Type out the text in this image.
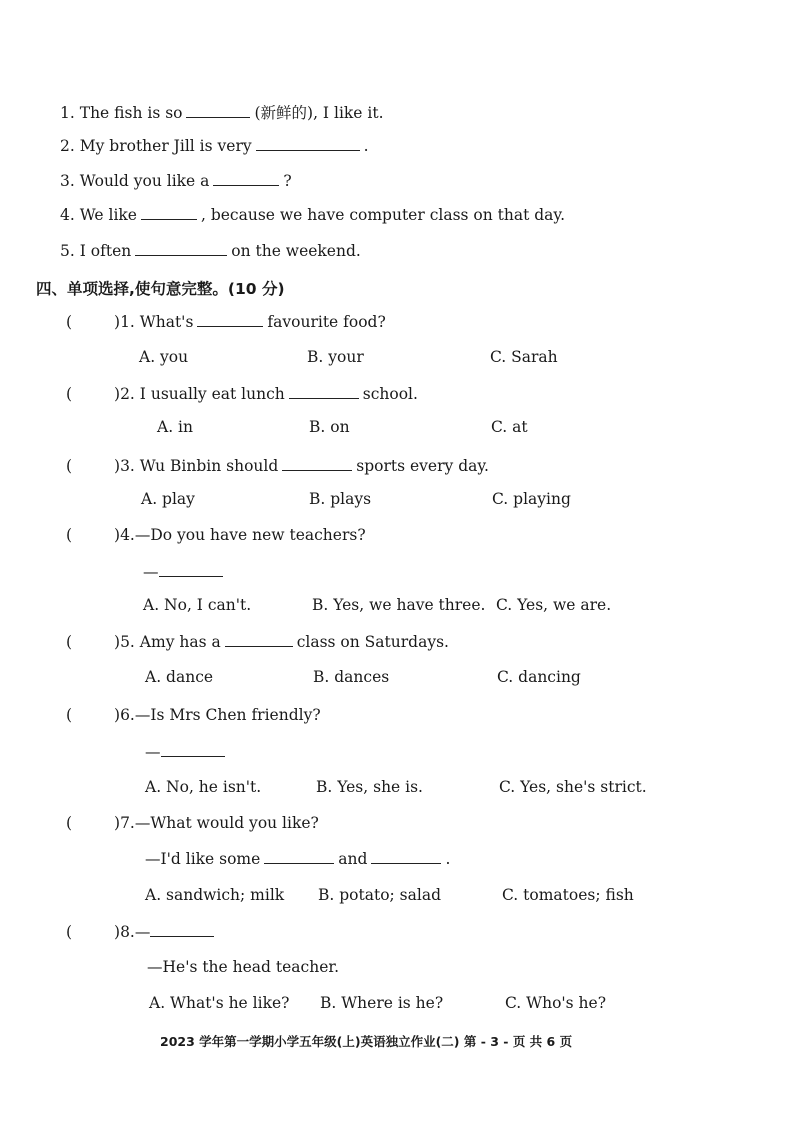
1. The fish is so	(新鲜的), I like it.
2. My brother Jill is very	.
3. Would you like a	?
4. We like	, because we have computer class on that day.
5. I often	on the weekend.
四、单项选择,使句意完整。(10 分)
(	)1. What's	favourite food?
A. you	B. your	C. Sarah
(	)2. I usually eat lunch	school.
A. in	B. on	C. at
(	)3. Wu Binbin should	sports every day.
A. play	B. plays	C. playing
(	)4.—Do you have new teachers?
—
A. No, I can't.	B. Yes, we have three. C. Yes, we are.
(	)5. Amy has a	class on Saturdays.
A. dance	B. dances	C. dancing
(	)6.—Is Mrs Chen friendly?
—
A. No, he isn't.	B. Yes, she is.	C. Yes, she's strict.
(	)7.—What would you like?
—I'd like some	and	.
A. sandwich; milk B. potato; salad	C. tomatoes; fish
(	)8.—
—He's the head teacher.
A. What's he like? B. Where is he?	C. Who's he?
2023 学年第一学期小学五年级(上)英语独立作业(二) 第 - 3 - 页 共 6 页
